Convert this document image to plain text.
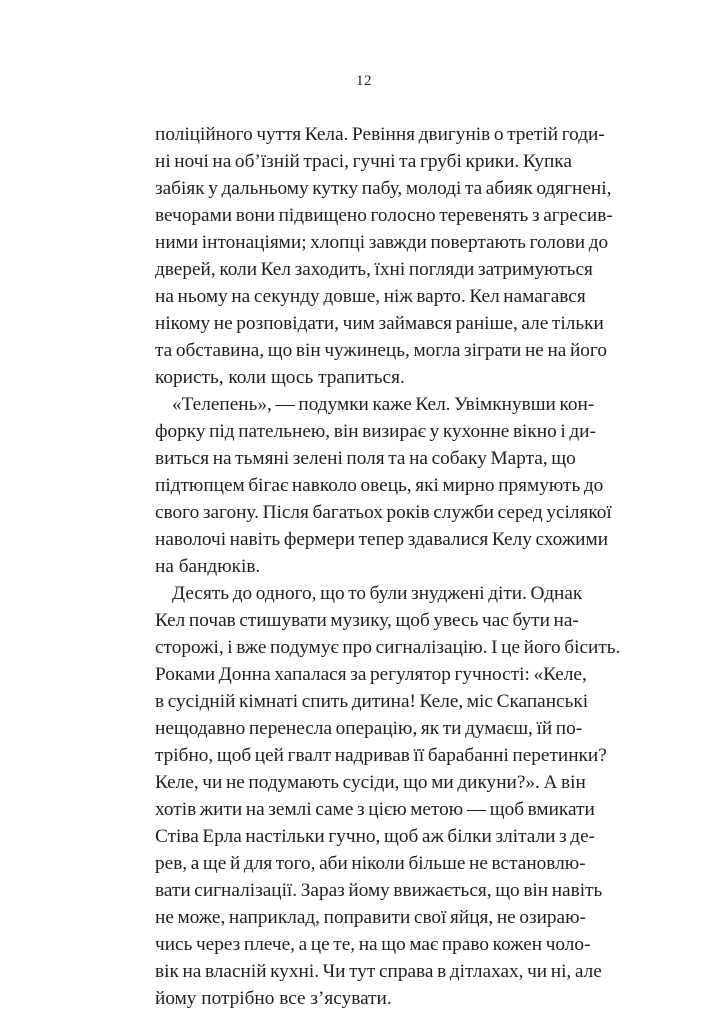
12
поліційного чуття Кела. Ревіння двигунів о третій годи-
ні ночі на об’їзній трасі, гучні та грубі крики. Купка
забіяк у дальньому кутку пабу, молоді та абияк одягнені,
вечорами вони підвищено голосно теревенять з агресив-
ними інтонаціями; хлопці завжди повертають голови до
дверей, коли Кел заходить, їхні погляди затримуються
на ньому на секунду довше, ніж варто. Кел намагався
нікому не розповідати, чим займався раніше, але тільки
та обставина, що він чужинець, могла зіграти не на його
користь, коли щось трапиться.
«Телепень», — подумки каже Кел. Увімкнувши кон-
форку під пательнею, він визирає у кухонне вікно і ди-
виться на тьмяні зелені поля та на собаку Марта, що
підтюпцем бігає навколо овець, які мирно прямують до
свого загону. Після багатьох років служби серед усілякої
наволочі навіть фермери тепер здавалися Келу схожими
на бандюків.
Десять до одного, що то були знуджені діти. Однак
Кел почав стишувати музику, щоб увесь час бути на-
сторожі, і вже подумує про сигналізацію. І це його бісить.
Роками Донна хапалася за регулятор гучності: «Келе,
в сусідній кімнаті спить дитина! Келе, міс Скапанські
нещодавно перенесла операцію, як ти думаєш, їй по-
трібно, щоб цей гвалт надривав її барабанні перетинки?
Келе, чи не подумають сусіди, що ми дикуни?». А він
хотів жити на землі саме з цією метою — щоб вмикати
Стіва Ерла настільки гучно, щоб аж білки злітали з де-
рев, а ще й для того, аби ніколи більше не встановлю-
вати сигналізації. Зараз йому ввижається, що він навіть
не може, наприклад, поправити свої яйця, не озираю-
чись через плече, а це те, на що має право кожен чоло-
вік на власній кухні. Чи тут справа в дітлахах, чи ні, але
йому потрібно все з’ясувати.
